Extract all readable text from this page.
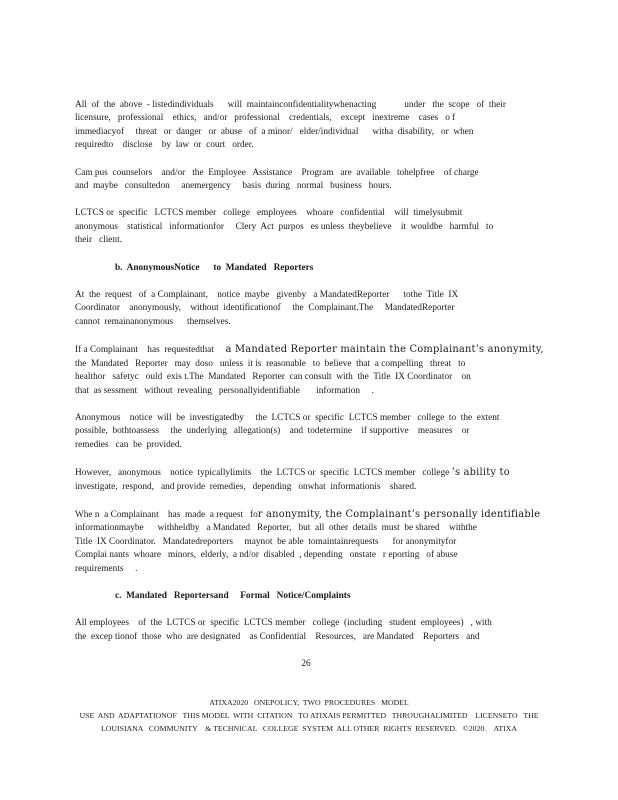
All  of  the  above  - listedindividuals      will  maintainconfidentialitywhenacting            under   the  scope   of  their
licensure,   professional    ethics,   and/or   professional    credentials,    except   inextreme    cases   o f
immediacyof     threat   or  danger   or  abuse   of  a minor/   elder/individual      witha  disability,   or  when
requiredto    disclose    by  law  or  court   order.
Cam pus  counselors    and/or   the  Employee   Assistance    Program   are  available   tohelpfree    of charge
and  maybe   consultedon     anemergency     basis  during   normal   business   hours.
LCTCS or  specific   LCTCS member   college   employees    whoare   confidential    will  timelysubmit
anonymous    statistical   informationfor     Clery  Act  purpos   es unless  theybelieve    it  wouldbe   harmful   to
their   client.
b.  AnonymousNotice      to  Mandated   Reporters
At  the  request   of  a Complainant,    notice  maybe   givenby   a MandatedReporter      tothe  Title  IX
Coordinator    anonymously,    without  identificationof     the  Complainant.The     MandatedReporter
cannot  remainanonymous      themselves.
If a Complainant    has  requestedthat     a Mandated Reporter maintain the Complainant’s anonymity,
the  Mandated   Reporter   may  doso   unless  it is  reasonable   to  believe  that  a compelling   threat   to
healthor   safetyc   ould  exis t.The  Mandated   Reporter  can consult  with  the  Title  IX Coordinator    on
that  as sessment   without  revealing   personallyidentifiable       information     .
Anonymous    notice  will  be  investigatedby     the  LCTCS or  specific  LCTCS member   college  to  the  extent
possible,  bothtoassess     the  underlying   allegation(s)    and  todetermine    if supportive    measures    or
remedies   can  be  provided.
However,   anonymous    notice  typicallylimits    the  LCTCS or  specific  LCTCS member   college ’s ability to
investigate,  respond,   and provide  remedies,   depending   onwhat  informationis    shared.
Whe n  a Complainant    has  made  a request   for anonymity, the Complainant’s personally identifiable
informationmaybe      withheldby   a Mandated   Reporter,   but  all  other  details  must  be shared    withthe
Title  IX Coordinator.   Mandatedreporters     maynot  be able  tomaintainrequests      for anonymityfor
Complai nants  whoare   minors,  elderly,  a nd/or  disabled  , depending   onstate   r eporting   of abuse
requirements     .
c.  Mandated   Reportersand     Formal   Notice/Complaints
All employees    of  the  LCTCS or  specific  LCTCS member   college  (including   student  employees)   , with
the  excep tionof  those  who  are designated    as Confidential    Resources,   are Mandated    Reporters   and
26
ATIXA2020   ONEPOLICY,  TWO  PROCEDURES   MODEL
USE  AND  ADAPTATIONOF   THIS MODEL  WITH  CITATION   TO ATIXAIS PERMITTED   THROUGHALIMITED    LICENSETO   THE
LOUISIANA   COMMUNITY    & TECHNICAL   COLLEGE  SYSTEM  ALL OTHER  RIGHTS  RESERVED.   ©2020.    ATIXA
